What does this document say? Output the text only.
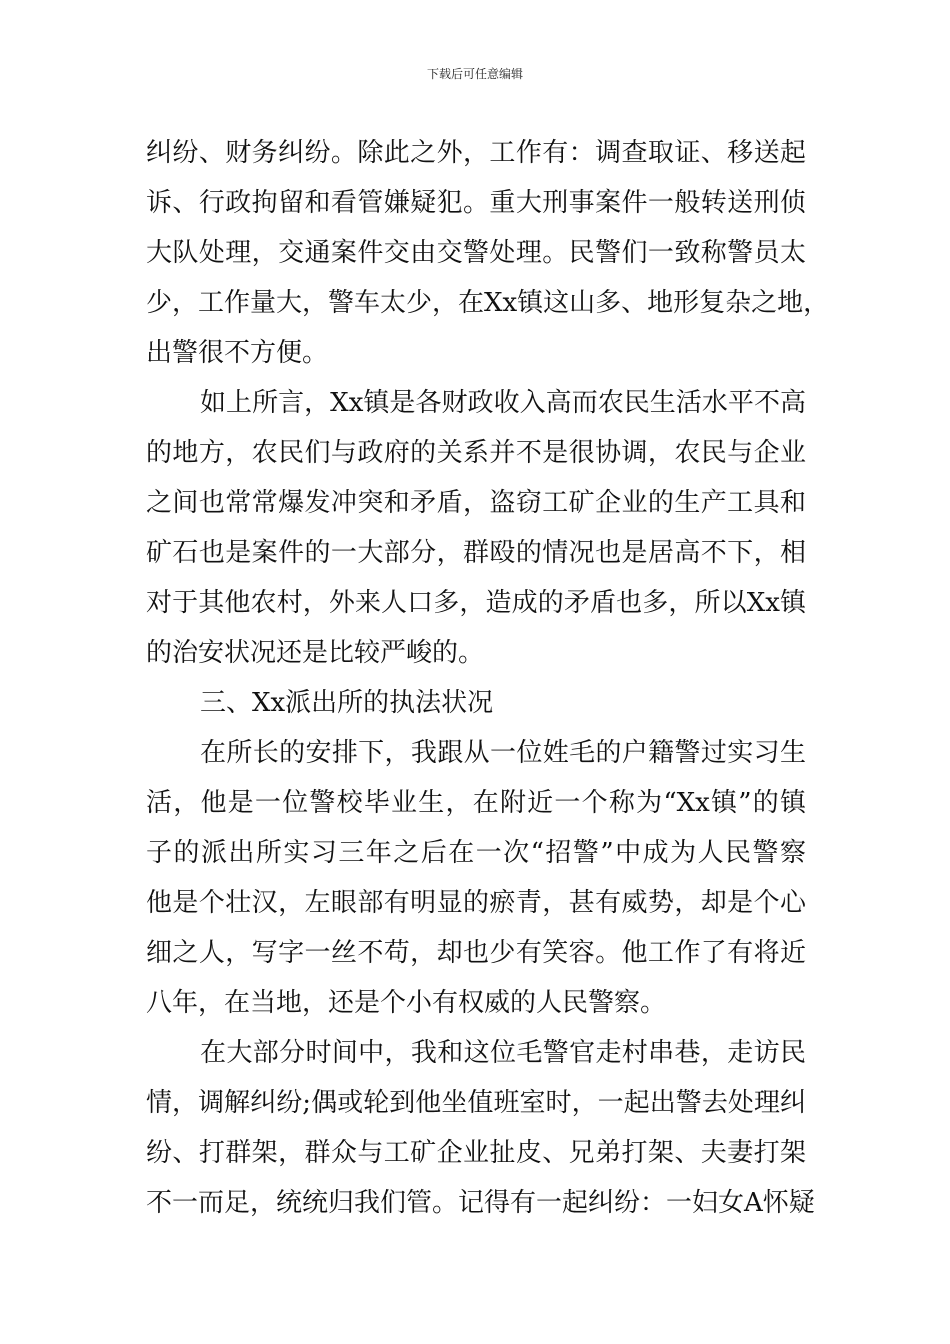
下载后可任意编辑
纠纷、财务纠纷。除此之外，工作有：调查取证、移送起
诉、行政拘留和看管嫌疑犯。重大刑事案件一般转送刑侦
大队处理，交通案件交由交警处理。民警们一致称警员太
少，工作量大，警车太少，在Xx镇这山多、地形复杂之地，
出警很不方便。
如上所言，Xx镇是各财政收入高而农民生活水平不高
的地方，农民们与政府的关系并不是很协调，农民与企业
之间也常常爆发冲突和矛盾，盗窃工矿企业的生产工具和
矿石也是案件的一大部分，群殴的情况也是居高不下，相
对于其他农村，外来人口多，造成的矛盾也多，所以Xx镇
的治安状况还是比较严峻的。
三、Xx派出所的执法状况
在所长的安排下，我跟从一位姓毛的户籍警过实习生
活，他是一位警校毕业生，在附近一个称为“Xx镇”的镇
子的派出所实习三年之后在一次“招警”中成为人民警察
他是个壮汉，左眼部有明显的瘀青，甚有威势，却是个心
细之人，写字一丝不苟，却也少有笑容。他工作了有将近
八年，在当地，还是个小有权威的人民警察。
在大部分时间中，我和这位毛警官走村串巷，走访民
情，调解纠纷;偶或轮到他坐值班室时，一起出警去处理纠
纷、打群架，群众与工矿企业扯皮、兄弟打架、夫妻打架
不一而足，统统归我们管。记得有一起纠纷：一妇女A怀疑
